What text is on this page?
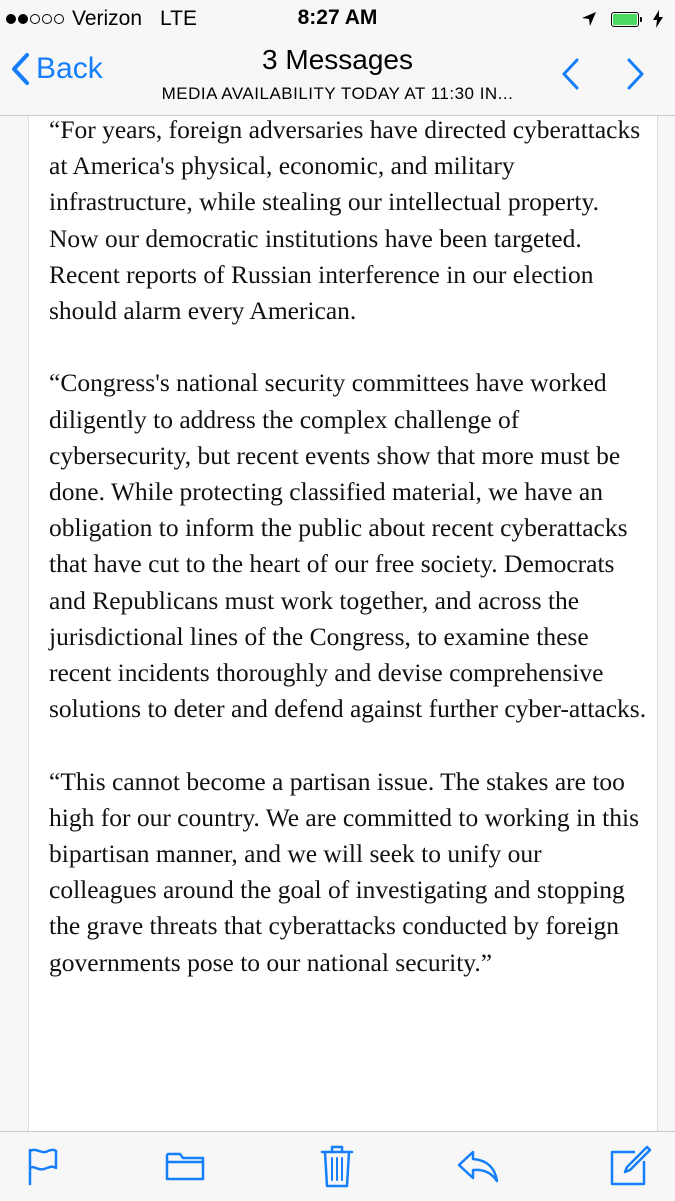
Verizon LTE	8:27 AM
Back	3 Messages
MEDIA AVAILABILITY TODAY AT 11:30 IN...

“For years, foreign adversaries have directed cyberattacks at America's physical, economic, and military infrastructure, while stealing our intellectual property. Now our democratic institutions have been targeted. Recent reports of Russian interference in our election should alarm every American.

“Congress's national security committees have worked diligently to address the complex challenge of cybersecurity, but recent events show that more must be done. While protecting classified material, we have an obligation to inform the public about recent cyberattacks that have cut to the heart of our free society. Democrats and Republicans must work together, and across the jurisdictional lines of the Congress, to examine these recent incidents thoroughly and devise comprehensive solutions to deter and defend against further cyber-attacks.

“This cannot become a partisan issue. The stakes are too high for our country. We are committed to working in this bipartisan manner, and we will seek to unify our colleagues around the goal of investigating and stopping the grave threats that cyberattacks conducted by foreign governments pose to our national security.”
